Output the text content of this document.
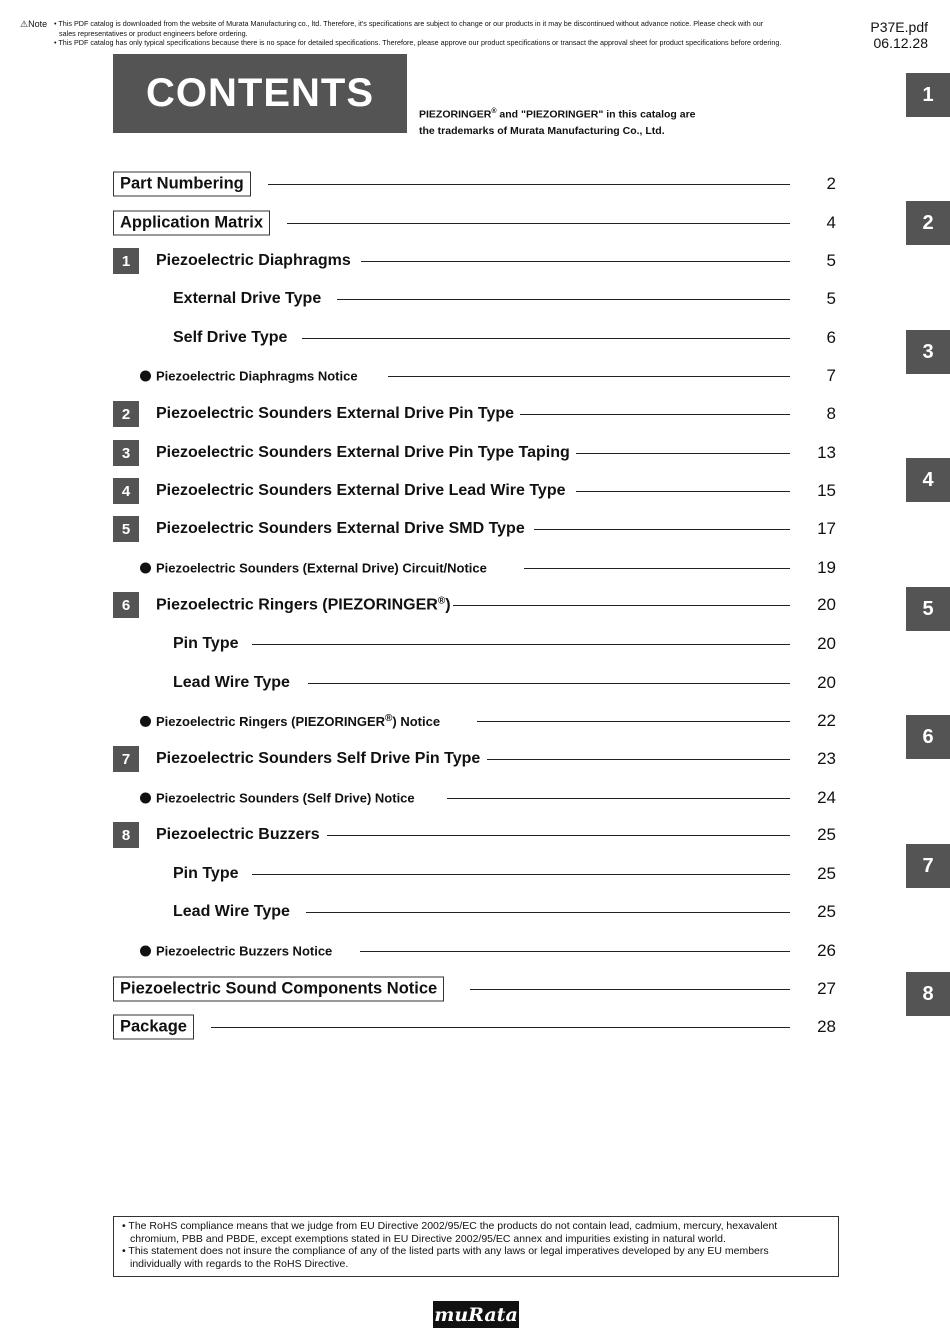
⚠Note • This PDF catalog is downloaded from the website of Murata Manufacturing co., ltd. Therefore, it's specifications are subject to change or our products in it may be discontinued without advance notice. Please check with our
sales representatives or product engineers before ordering.
• This PDF catalog has only typical specifications because there is no space for detailed specifications. Therefore, please approve our product specifications or transact the approval sheet for product specifications before ordering.
P37E.pdf
06.12.28
CONTENTS	PIEZORINGER® and "PIEZORINGER" in this catalog are
the trademarks of Murata Manufacturing Co., Ltd.
Part Numbering	2
Application Matrix	4
1	Piezoelectric Diaphragms	5
External Drive Type	5
Self Drive Type	6
Piezoelectric Diaphragms Notice	7
2	Piezoelectric Sounders External Drive Pin Type	8
3	Piezoelectric Sounders External Drive Pin Type Taping	13
4	Piezoelectric Sounders External Drive Lead Wire Type	15
5	Piezoelectric Sounders External Drive SMD Type	17
Piezoelectric Sounders (External Drive) Circuit/Notice	19
6	Piezoelectric Ringers (PIEZORINGER®)	20
Pin Type	20
Lead Wire Type	20
Piezoelectric Ringers (PIEZORINGER®) Notice	22
7	Piezoelectric Sounders Self Drive Pin Type	23
Piezoelectric Sounders (Self Drive) Notice	24
8	Piezoelectric Buzzers	25
Pin Type	25
Lead Wire Type	25
Piezoelectric Buzzers Notice	26
Piezoelectric Sound Components Notice	27
Package	28
1
2
3
4
5
6
7
8
• The RoHS compliance means that we judge from EU Directive 2002/95/EC the products do not contain lead, cadmium, mercury, hexavalent
chromium, PBB and PBDE, except exemptions stated in EU Directive 2002/95/EC annex and impurities existing in natural world.
• This statement does not insure the compliance of any of the listed parts with any laws or legal imperatives developed by any EU members
individually with regards to the RoHS Directive.
muRata
